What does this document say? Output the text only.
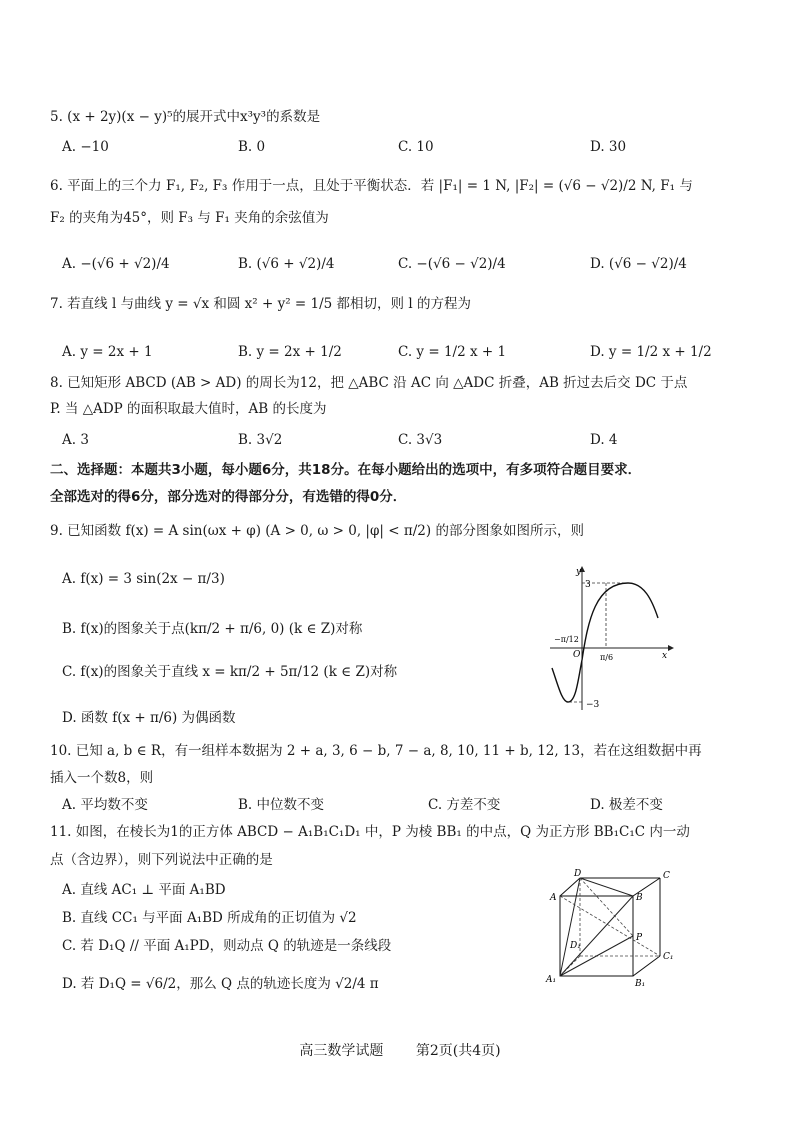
5. (x + 2y)(x − y)⁵的展开式中x³y³的系数是
A. −10	B. 0	C. 10	D. 30
6. 平面上的三个力 F₁, F₂, F₃ 作用于一点，且处于平衡状态．若 |F₁| = 1 N, |F₂| = (√6 − √2)/2 N, F₁ 与
F₂ 的夹角为45°，则 F₃ 与 F₁ 夹角的余弦值为
A. −(√6 + √2)/4	B. (√6 + √2)/4	C. −(√6 − √2)/4	D. (√6 − √2)/4
7. 若直线 l 与曲线 y = √x 和圆 x² + y² = 1/5 都相切，则 l 的方程为
A. y = 2x + 1	B. y = 2x + 1/2	C. y = 1/2 x + 1	D. y = 1/2 x + 1/2
8. 已知矩形 ABCD (AB > AD) 的周长为12，把 △ABC 沿 AC 向 △ADC 折叠，AB 折过去后交 DC 于点
P. 当 △ADP 的面积取最大值时，AB 的长度为
A. 3	B. 3√2	C. 3√3	D. 4
二、选择题：本题共3小题，每小题6分，共18分。在每小题给出的选项中，有多项符合题目要求．
全部选对的得6分，部分选对的得部分分，有选错的得0分．
9. 已知函数 f(x) = A sin(ωx + φ) (A > 0, ω > 0, |φ| < π/2) 的部分图象如图所示，则
A. f(x) = 3 sin(2x − π/3)
B. f(x)的图象关于点(kπ/2 + π/6, 0) (k ∈ Z)对称
C. f(x)的图象关于直线 x = kπ/2 + 5π/12 (k ∈ Z)对称
D. 函数 f(x + π/6) 为偶函数
y
x
O
3
−3
−π/12
π/6
10. 已知 a, b ∈ R，有一组样本数据为 2 + a, 3, 6 − b, 7 − a, 8, 10, 11 + b, 12, 13，若在这组数据中再
插入一个数8，则
A. 平均数不变	B. 中位数不变	C. 方差不变	D. 极差不变
11. 如图，在棱长为1的正方体 ABCD − A₁B₁C₁D₁ 中，P 为棱 BB₁ 的中点，Q 为正方形 BB₁C₁C 内一动
点（含边界），则下列说法中正确的是
A. 直线 AC₁ ⊥ 平面 A₁BD
B. 直线 CC₁ 与平面 A₁BD 所成角的正切值为 √2
C. 若 D₁Q // 平面 A₁PD，则动点 Q 的轨迹是一条线段
D. 若 D₁Q = √6/2，那么 Q 点的轨迹长度为 √2/4 π
D	C
A	B
D₁
P
C₁
A₁	B₁
高三数学试题 第2页(共4页)
